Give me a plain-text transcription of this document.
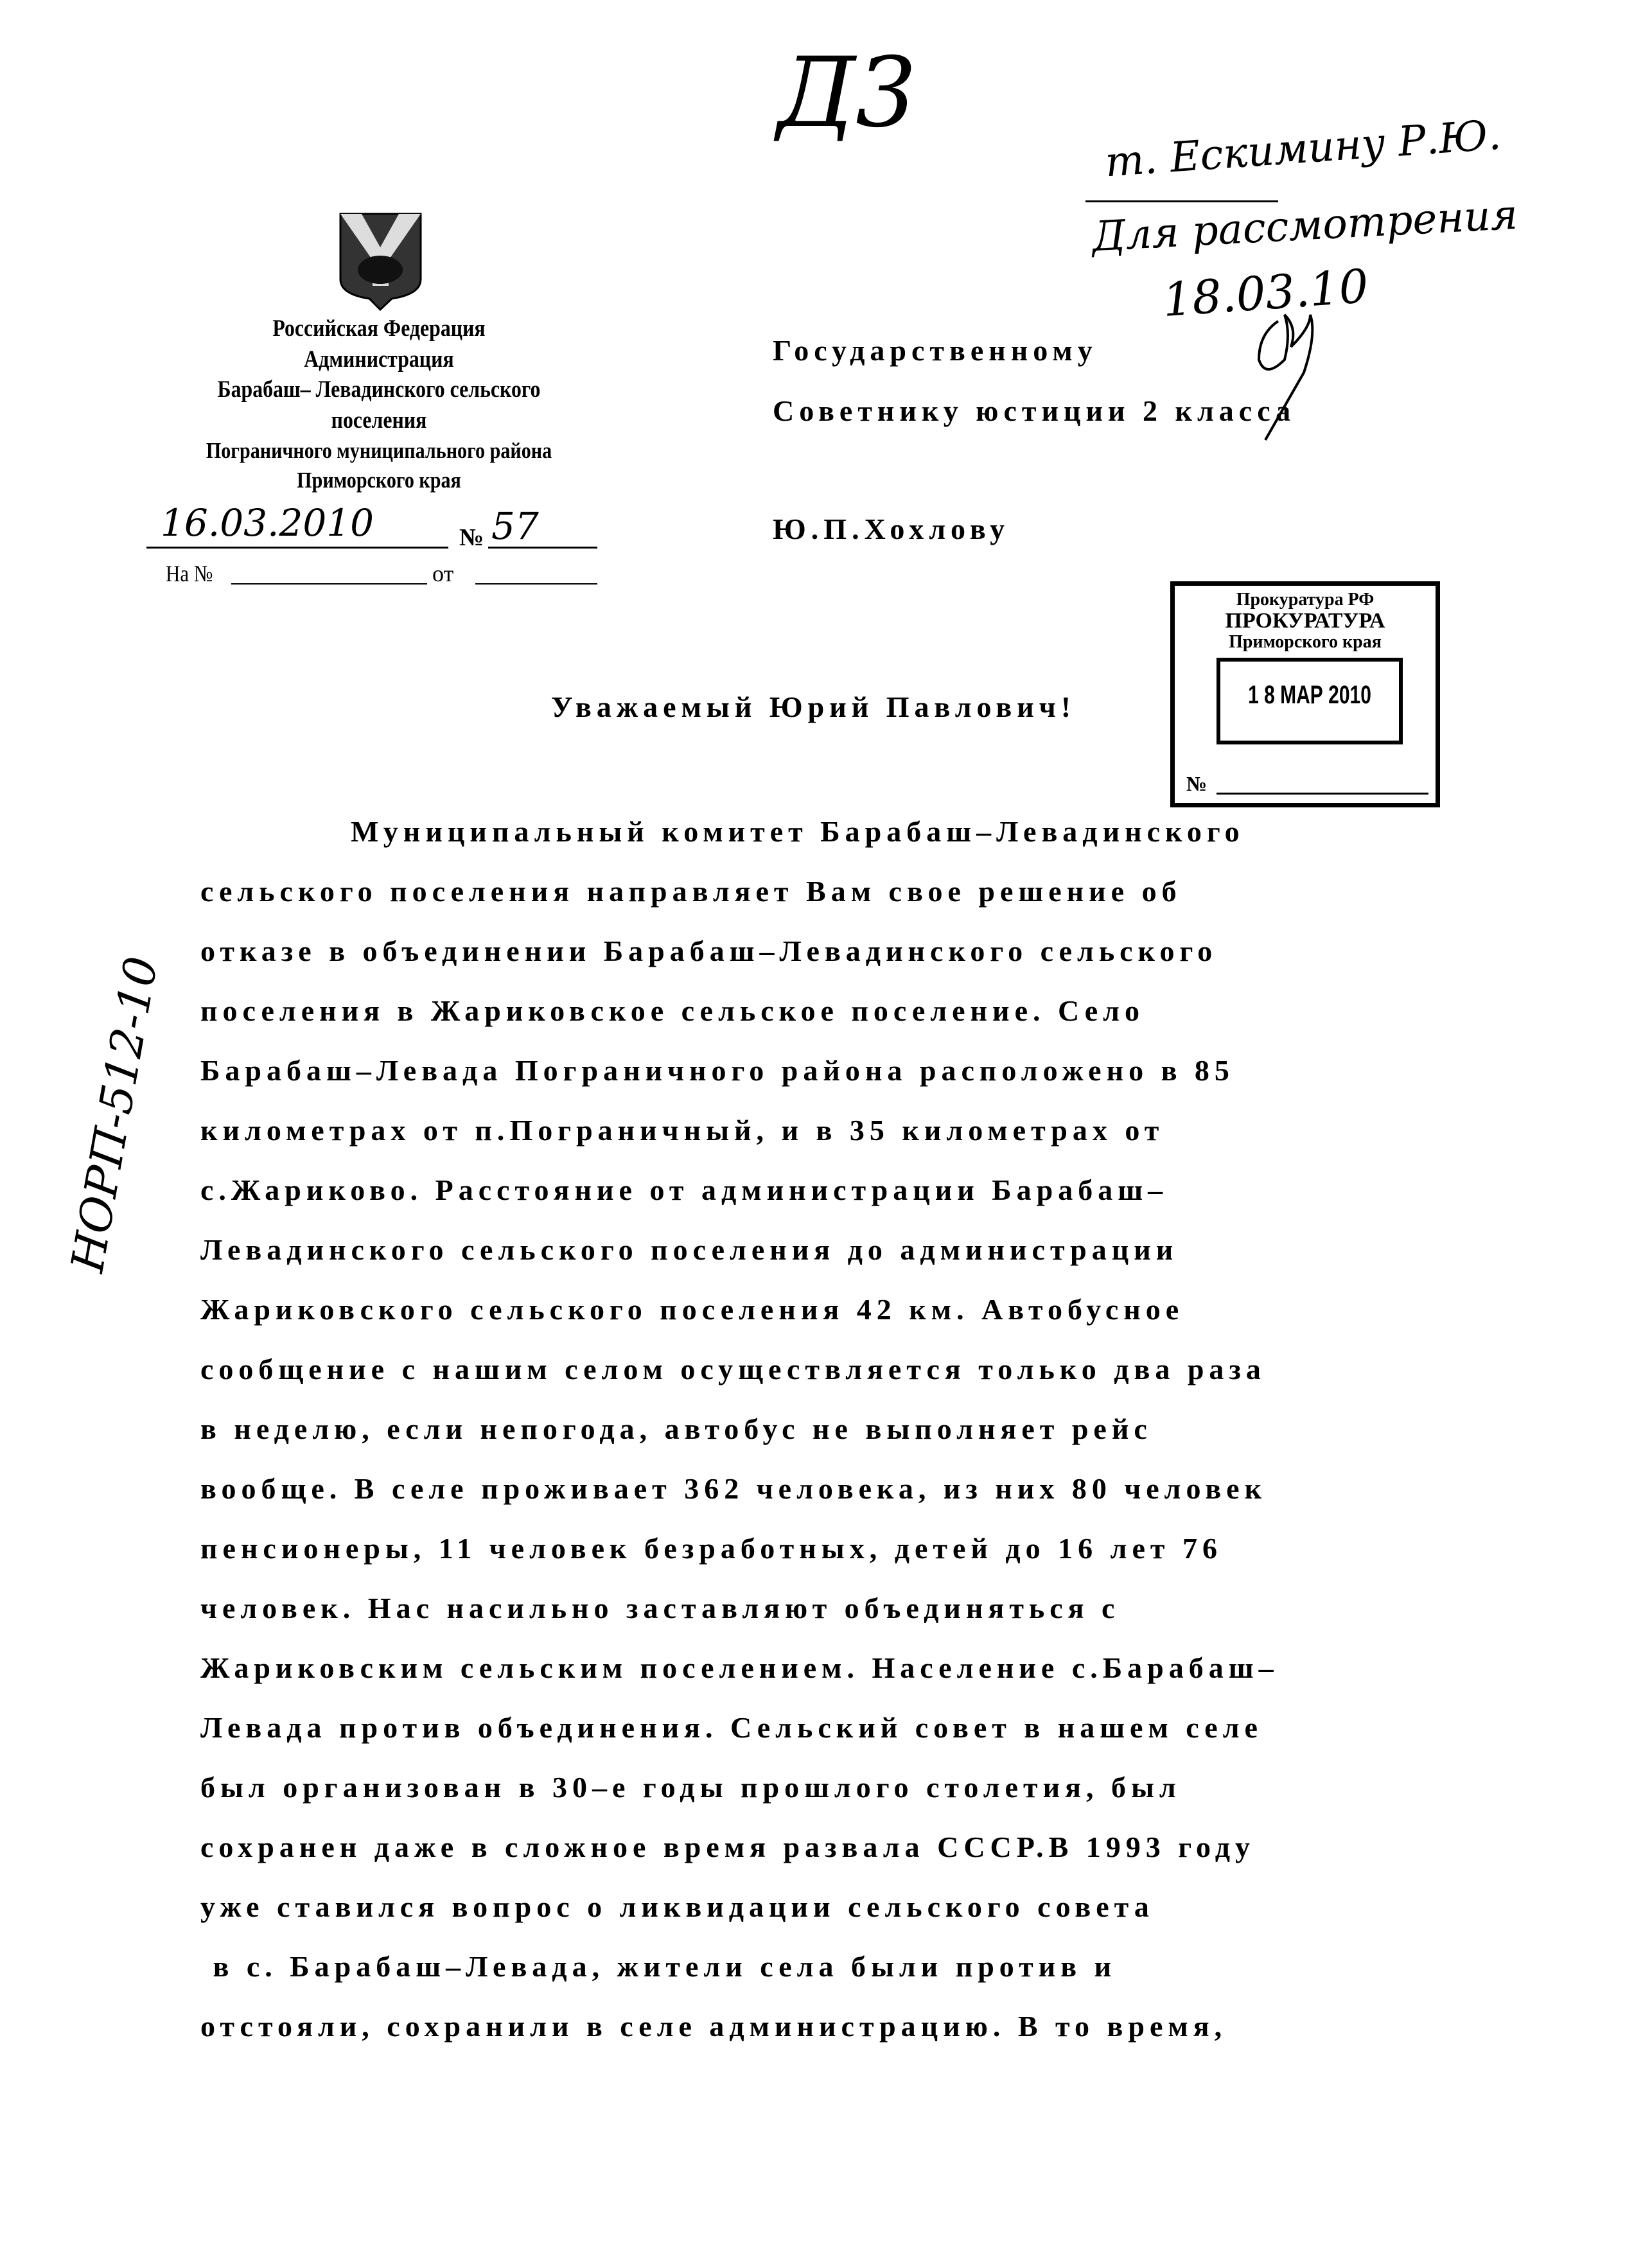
Д3
Российская Федерация
Администрация
Барабаш– Левадинского сельского
поселения
Пограничного муниципального района
Приморского края
16.03.2010	№ 57
На №	от
т. Ескимину Р.Ю.
Для рассмотрения
18.03.10
Государственному
Советнику юстиции 2 класса
Ю.П.Хохлову
Прокуратура РФ
ПРОКУРАТУРА
Приморского края
1 8 МАР 2010
№
НОРП-512-10
Уважаемый Юрий Павлович!
Муниципальный комитет Барабаш–Левадинского
сельского поселения направляет Вам свое решение об
отказе в объединении Барабаш–Левадинского сельского
поселения в Жариковское сельское поселение. Село
Барабаш–Левада Пограничного района расположено в 85
километрах от п.Пограничный, и в 35 километрах от
с.Жариково. Расстояние от администрации Барабаш–
Левадинского сельского поселения до администрации
Жариковского сельского поселения 42 км. Автобусное
сообщение с нашим селом осуществляется только два раза
в неделю, если непогода, автобус не выполняет рейс
вообще. В селе проживает 362 человека, из них 80 человек
пенсионеры, 11 человек безработных, детей до 16 лет 76
человек. Нас насильно заставляют объединяться с
Жариковским сельским поселением. Население с.Барабаш–
Левада против объединения. Сельский совет в нашем селе
был организован в 30–е годы прошлого столетия, был
сохранен даже в сложное время развала СССР.В 1993 году
уже ставился вопрос о ликвидации сельского совета
в с. Барабаш–Левада, жители села были против и
отстояли, сохранили в селе администрацию. В то время,
